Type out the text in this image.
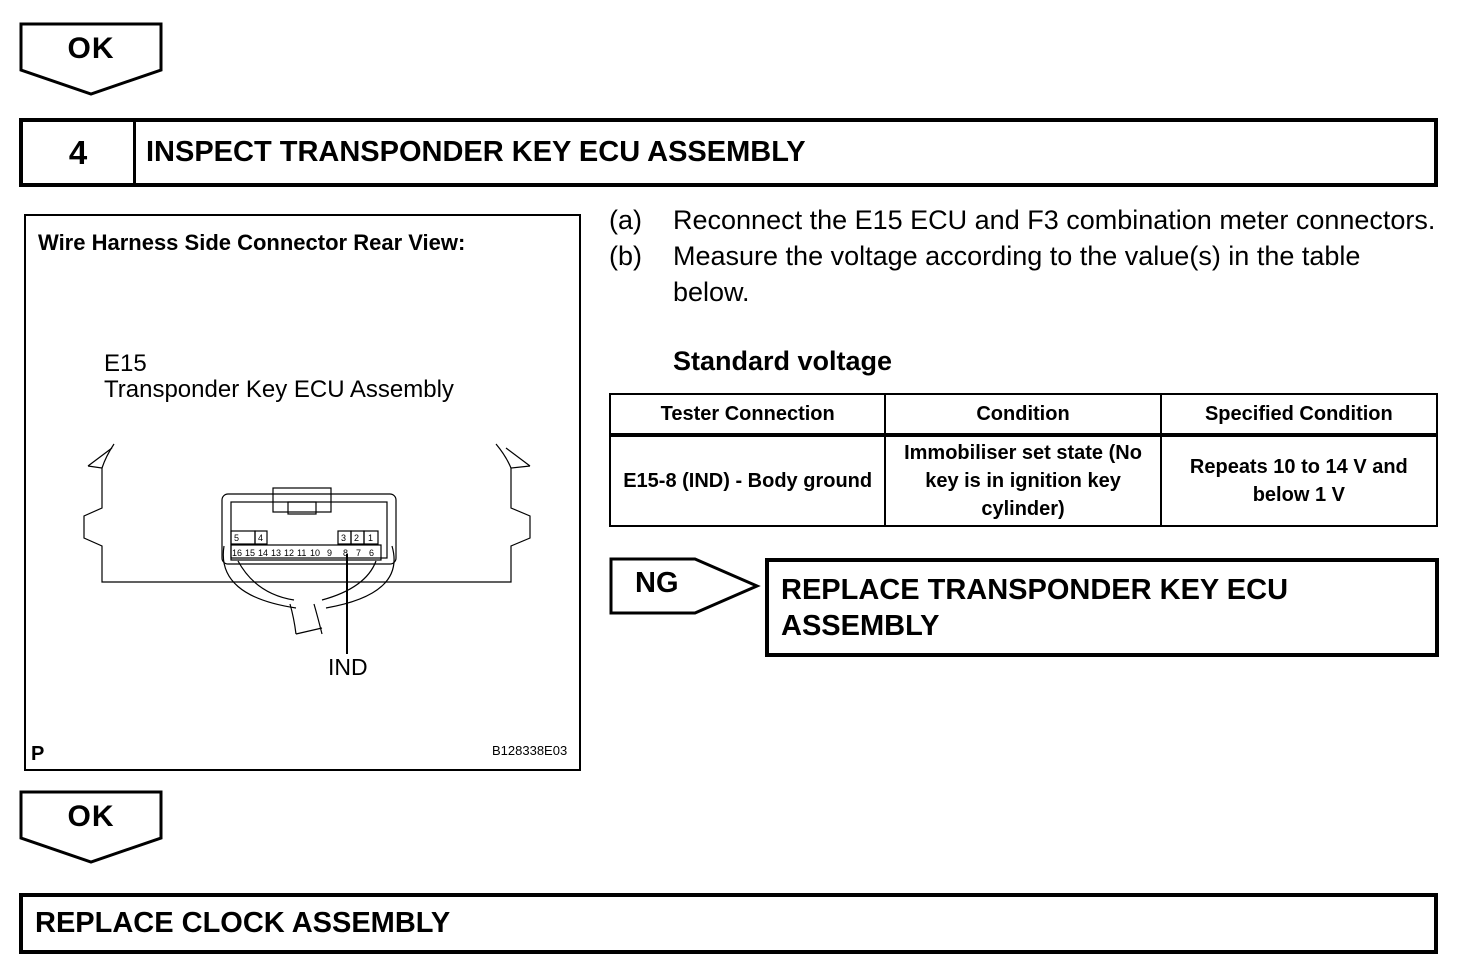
OK
4	INSPECT TRANSPONDER KEY ECU ASSEMBLY
5 4	3 2 1
16 15 14 13 12 11 10 9 8 7 6
Wire Harness Side Connector Rear View:
E15
Transponder Key ECU Assembly
IND
P	B128338E03
(a)	Reconnect the E15 ECU and F3 combination meter connectors.
(b)	Measure the voltage according to the value(s) in the table below.
Standard voltage
Tester Connection	Condition	Specified Condition
E15-8 (IND) - Body ground	Immobiliser set state (No key is in ignition key cylinder)	Repeats 10 to 14 V and below 1 V
NG	REPLACE TRANSPONDER KEY ECU ASSEMBLY
OK
REPLACE CLOCK ASSEMBLY
